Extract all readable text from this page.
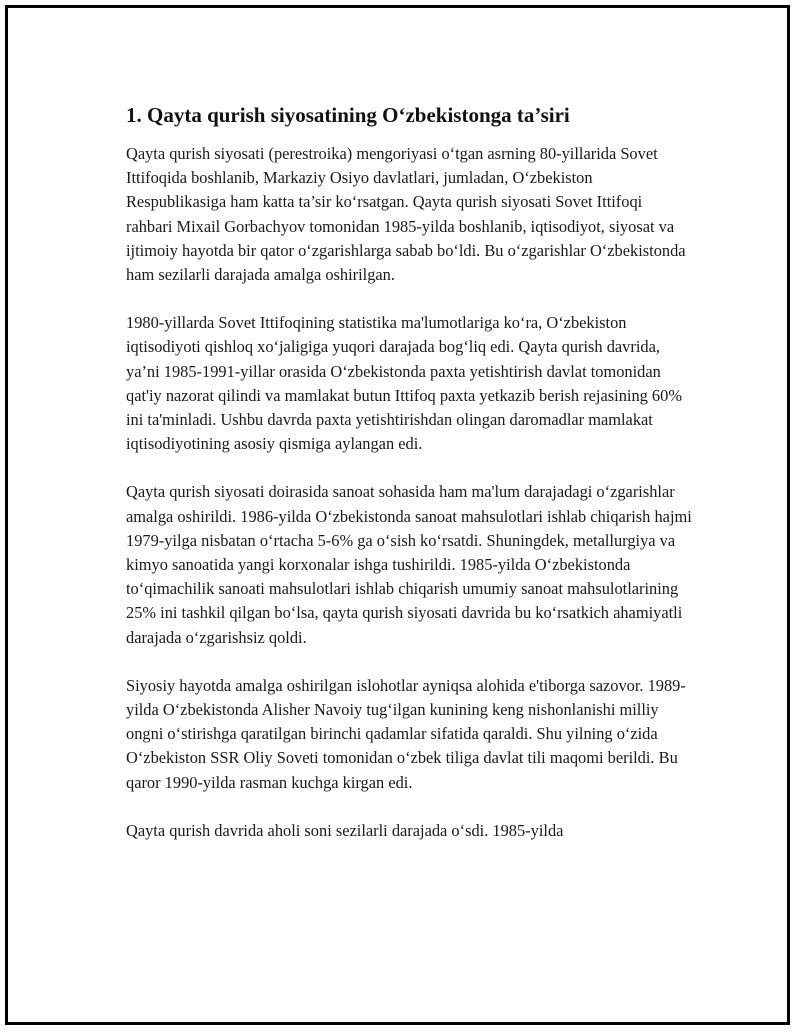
1. Qayta qurish siyosatining O‘zbekistonga ta’siri

Qayta qurish siyosati (perestroika) mengoriyasi o‘tgan asrning 80-yillarida Sovet Ittifoqida boshlanib, Markaziy Osiyo davlatlari, jumladan, O‘zbekiston Respublikasiga ham katta ta’sir ko‘rsatgan. Qayta qurish siyosati Sovet Ittifoqi rahbari Mixail Gorbachyov tomonidan 1985-yilda boshlanib, iqtisodiyot, siyosat va ijtimoiy hayotda bir qator o‘zgarishlarga sabab bo‘ldi. Bu o‘zgarishlar O‘zbekistonda ham sezilarli darajada amalga oshirilgan.

1980-yillarda Sovet Ittifoqining statistika ma'lumotlariga ko‘ra, O‘zbekiston iqtisodiyoti qishloq xo‘jaligiga yuqori darajada bog‘liq edi. Qayta qurish davrida, ya’ni 1985-1991-yillar orasida O‘zbekistonda paxta yetishtirish davlat tomonidan qat'iy nazorat qilindi va mamlakat butun Ittifoq paxta yetkazib berish rejasining 60% ini ta'minladi. Ushbu davrda paxta yetishtirishdan olingan daromadlar mamlakat iqtisodiyotining asosiy qismiga aylangan edi.

Qayta qurish siyosati doirasida sanoat sohasida ham ma'lum darajadagi o‘zgarishlar amalga oshirildi. 1986-yilda O‘zbekistonda sanoat mahsulotlari ishlab chiqarish hajmi 1979-yilga nisbatan o‘rtacha 5-6% ga o‘sish ko‘rsatdi. Shuningdek, metallurgiya va kimyo sanoatida yangi korxonalar ishga tushirildi. 1985-yilda O‘zbekistonda to‘qimachilik sanoati mahsulotlari ishlab chiqarish umumiy sanoat mahsulotlarining 25% ini tashkil qilgan bo‘lsa, qayta qurish siyosati davrida bu ko‘rsatkich ahamiyatli darajada o‘zgarishsiz qoldi.

Siyosiy hayotda amalga oshirilgan islohotlar ayniqsa alohida e'tiborga sazovor. 1989-yilda O‘zbekistonda Alisher Navoiy tug‘ilgan kunining keng nishonlanishi milliy ongni o‘stirishga qaratilgan birinchi qadamlar sifatida qaraldi. Shu yilning o‘zida O‘zbekiston SSR Oliy Soveti tomonidan o‘zbek tiliga davlat tili maqomi berildi. Bu qaror 1990-yilda rasman kuchga kirgan edi.

Qayta qurish davrida aholi soni sezilarli darajada o‘sdi. 1985-yilda
